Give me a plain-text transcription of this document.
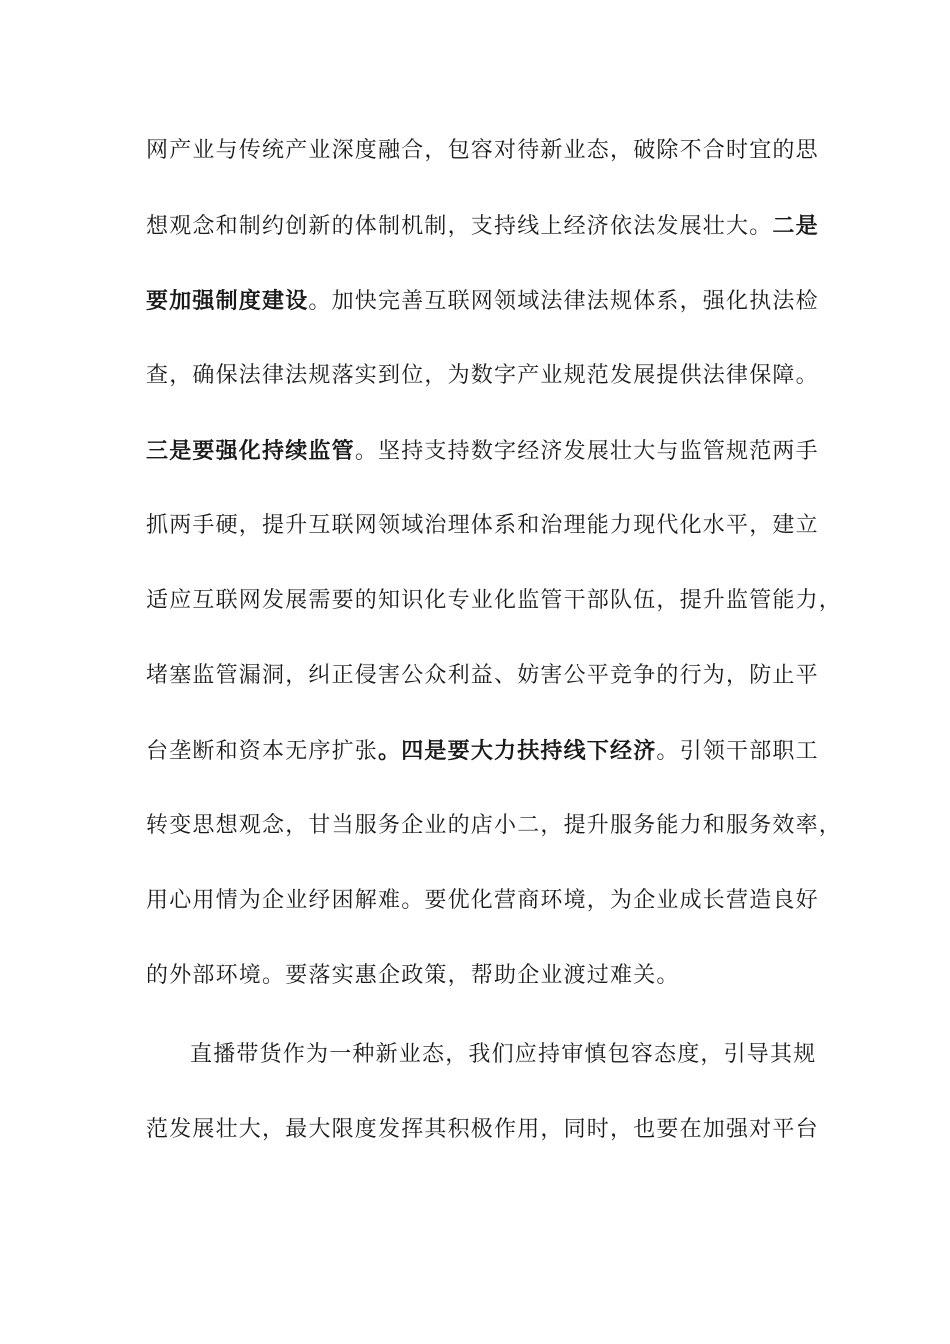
网产业与传统产业深度融合，包容对待新业态，破除不合时宜的思
想观念和制约创新的体制机制，支持线上经济依法发展壮大。二是
要加强制度建设。加快完善互联网领域法律法规体系，强化执法检
查，确保法律法规落实到位，为数字产业规范发展提供法律保障。
三是要强化持续监管。坚持支持数字经济发展壮大与监管规范两手
抓两手硬，提升互联网领域治理体系和治理能力现代化水平，建立
适应互联网发展需要的知识化专业化监管干部队伍，提升监管能力，
堵塞监管漏洞，纠正侵害公众利益、妨害公平竞争的行为，防止平
台垄断和资本无序扩张。四是要大力扶持线下经济。引领干部职工
转变思想观念，甘当服务企业的店小二，提升服务能力和服务效率，
用心用情为企业纾困解难。要优化营商环境，为企业成长营造良好
的外部环境。要落实惠企政策，帮助企业渡过难关。
直播带货作为一种新业态，我们应持审慎包容态度，引导其规
范发展壮大，最大限度发挥其积极作用，同时，也要在加强对平台
